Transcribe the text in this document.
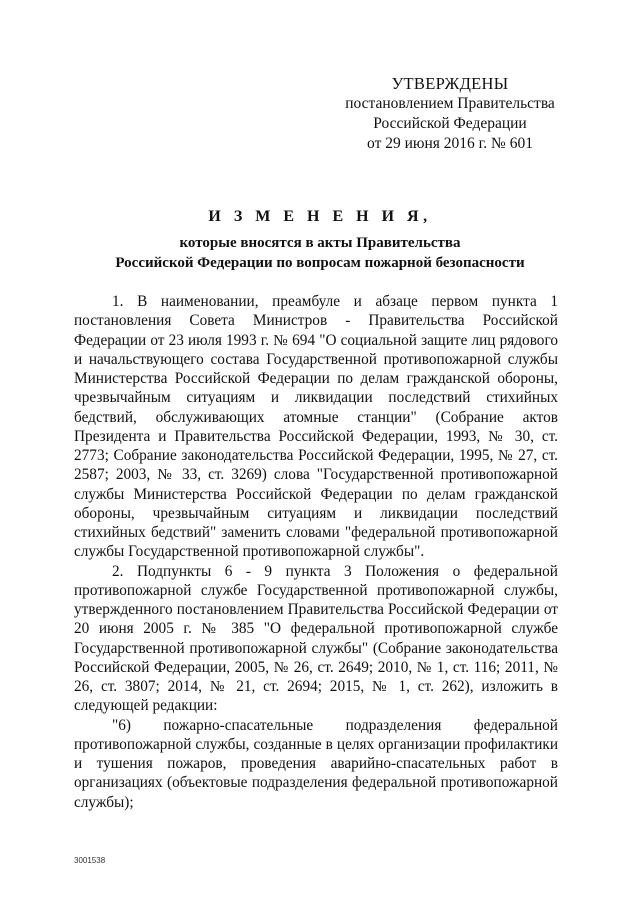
УТВЕРЖДЕНЫ
постановлением Правительства
Российской Федерации
от 29 июня 2016 г. № 601
И З М Е Н Е Н И Я,
которые вносятся в акты Правительства
Российской Федерации по вопросам пожарной безопасности

1. В наименовании, преамбуле и абзаце первом пункта 1 постановления Совета Министров - Правительства Российской Федерации от 23 июля 1993 г. № 694 "О социальной защите лиц рядового и начальствующего состава Государственной противопожарной службы Министерства Российской Федерации по делам гражданской обороны, чрезвычайным ситуациям и ликвидации последствий стихийных бедствий, обслуживающих атомные станции" (Собрание актов Президента и Правительства Российской Федерации, 1993, № 30, ст. 2773; Собрание законодательства Российской Федерации, 1995, № 27, ст. 2587; 2003, № 33, ст. 3269) слова "Государственной противопожарной службы Министерства Российской Федерации по делам гражданской обороны, чрезвычайным ситуациям и ликвидации последствий стихийных бедствий" заменить словами "федеральной противопожарной службы Государственной противопожарной службы".

2. Подпункты 6 - 9 пункта 3 Положения о федеральной противопожарной службе Государственной противопожарной службы, утвержденного постановлением Правительства Российской Федерации от 20 июня 2005 г. № 385 "О федеральной противопожарной службе Государственной противопожарной службы" (Собрание законодательства Российской Федерации, 2005, № 26, ст. 2649; 2010, № 1, ст. 116; 2011, № 26, ст. 3807; 2014, № 21, ст. 2694; 2015, № 1, ст. 262), изложить в следующей редакции:

"6) пожарно-спасательные подразделения федеральной противопожарной службы, созданные в целях организации профилактики и тушения пожаров, проведения аварийно-спасательных работ в организациях (объектовые подразделения федеральной противопожарной службы);

3001538
